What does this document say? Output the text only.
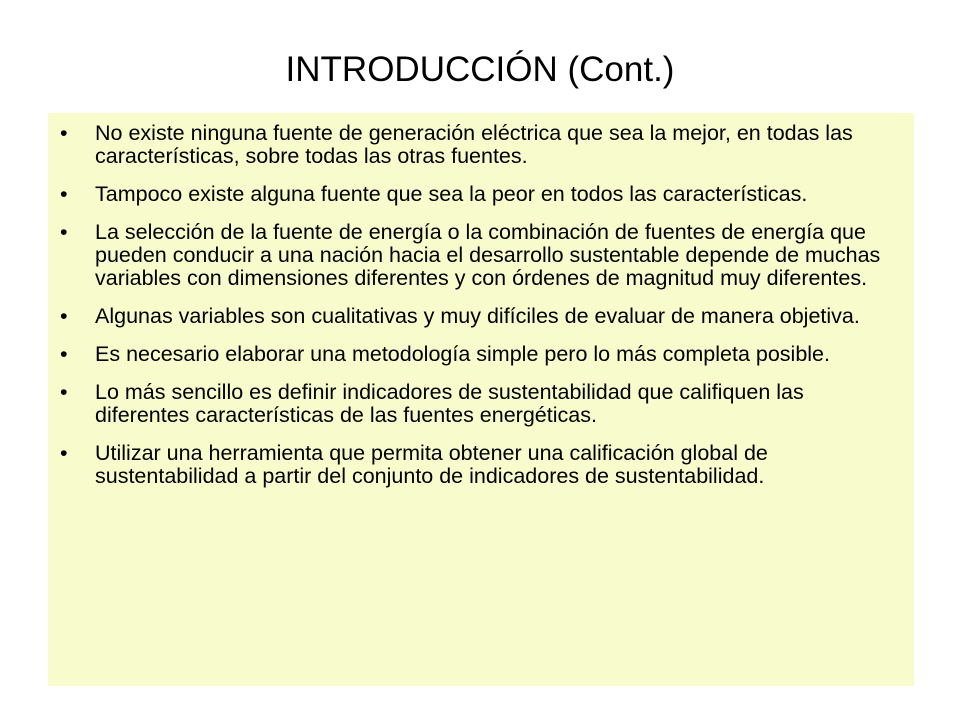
INTRODUCCIÓN (Cont.)
•	No existe ninguna fuente de generación eléctrica que sea la mejor, en todas las características, sobre todas las otras fuentes.
•	Tampoco existe alguna fuente que sea la peor en todos las características.
•	La selección de la fuente de energía o la combinación de fuentes de energía que pueden conducir a una nación hacia el desarrollo sustentable depende de muchas variables con dimensiones diferentes y con órdenes de magnitud muy diferentes.
•	Algunas variables son cualitativas y muy difíciles de evaluar de manera objetiva.
•	Es necesario elaborar una metodología simple pero lo más completa posible.
•	Lo más sencillo es definir indicadores de sustentabilidad que califiquen las diferentes características de las fuentes energéticas.
•	Utilizar una herramienta que permita obtener una calificación global de sustentabilidad a partir del conjunto de indicadores de sustentabilidad.
